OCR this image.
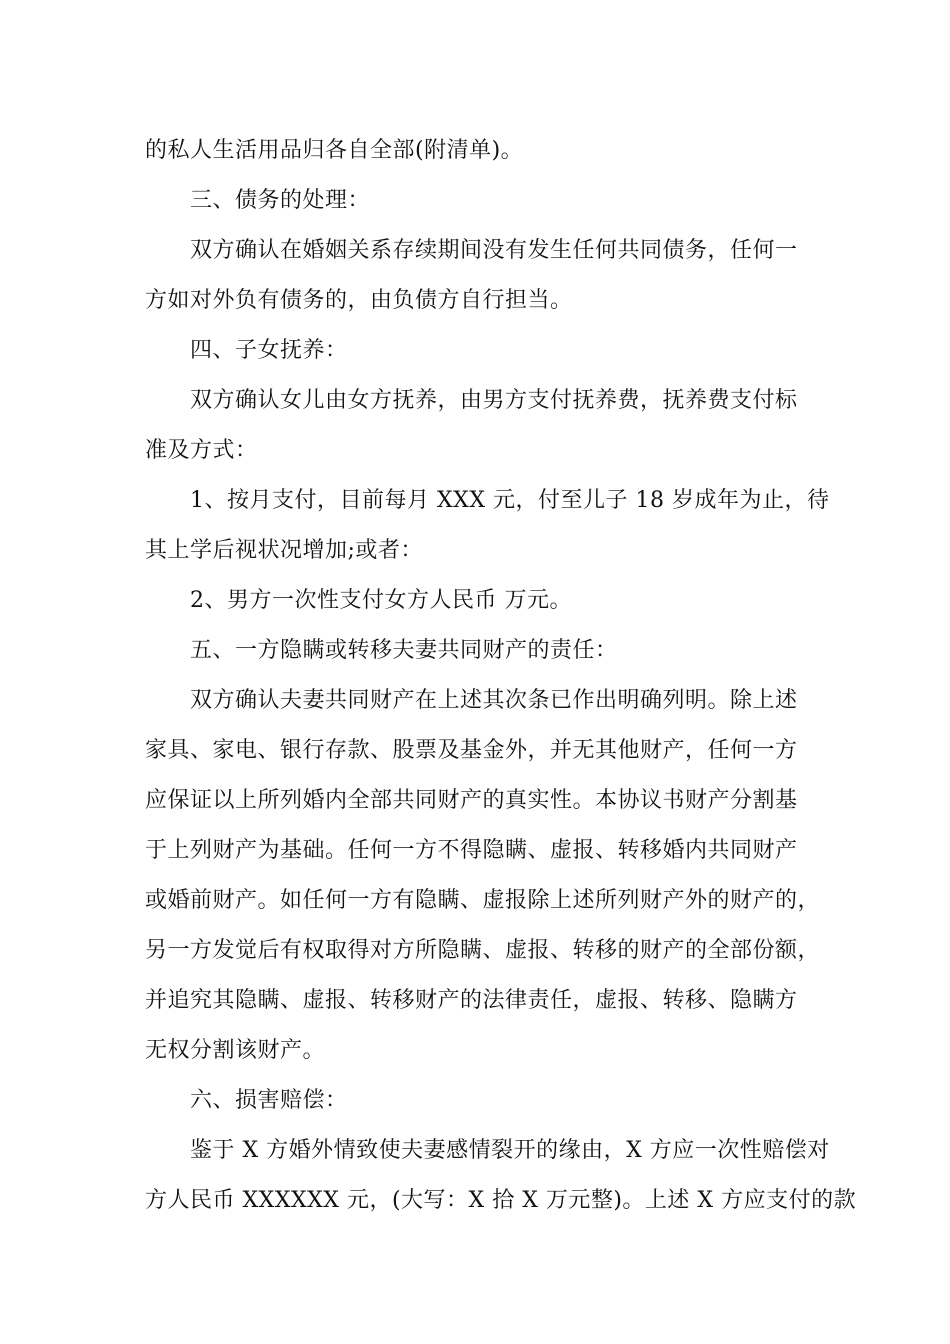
的私人生活用品归各自全部(附清单)。
三、债务的处理：
双方确认在婚姻关系存续期间没有发生任何共同债务，任何一
方如对外负有债务的，由负债方自行担当。
四、子女抚养：
双方确认女儿由女方抚养，由男方支付抚养费，抚养费支付标
准及方式：
1、按月支付，目前每月 XXX 元，付至儿子 18 岁成年为止，待
其上学后视状况增加;或者：
2、男方一次性支付女方人民币 万元。
五、一方隐瞒或转移夫妻共同财产的责任：
双方确认夫妻共同财产在上述其次条已作出明确列明。除上述
家具、家电、银行存款、股票及基金外，并无其他财产，任何一方
应保证以上所列婚内全部共同财产的真实性。本协议书财产分割基
于上列财产为基础。任何一方不得隐瞒、虚报、转移婚内共同财产
或婚前财产。如任何一方有隐瞒、虚报除上述所列财产外的财产的，
另一方发觉后有权取得对方所隐瞒、虚报、转移的财产的全部份额，
并追究其隐瞒、虚报、转移财产的法律责任，虚报、转移、隐瞒方
无权分割该财产。
六、损害赔偿：
鉴于 X 方婚外情致使夫妻感情裂开的缘由，X 方应一次性赔偿对
方人民币 XXXXXX 元，(大写：X 拾 X 万元整)。上述 X 方应支付的款
